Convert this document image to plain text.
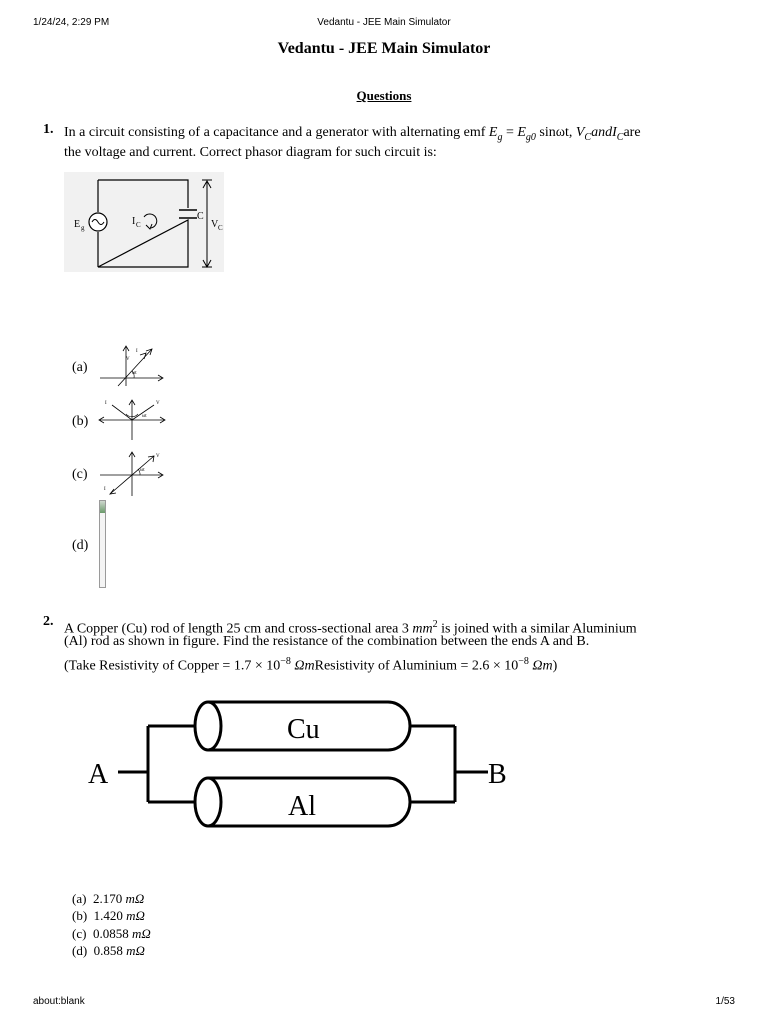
1/24/24, 2:29 PM	Vedantu - JEE Main Simulator
Vedantu - JEE Main Simulator
Questions
1. In a circuit consisting of a capacitance and a generator with alternating emf $E_g = E_{g0}$ sinωt, $V_CandI_Care$
the voltage and current. Correct phasor diagram for such circuit is:
E g
I C
C
V C
(a)
I
V
ωt
(b)
I	V
ωt
(c)
V
I
ωt
(d)
2.
A Copper (Cu) rod of length 25 cm and cross-sectional area 3 $mm^2$ is joined with a similar Aluminium
(Al) rod as shown in figure. Find the resistance of the combination between the ends A and B.
(Take Resistivity of Copper = $1.7 \times 10^{-8}$ ΩmResistivity of Aluminium = $2.6 \times 10^{-8}$ Ωm)
A	B
Cu
Al
(a) 2.170 mΩ
(b) 1.420 mΩ
(c) 0.0858 mΩ
(d) 0.858 mΩ
about:blank	1/53
